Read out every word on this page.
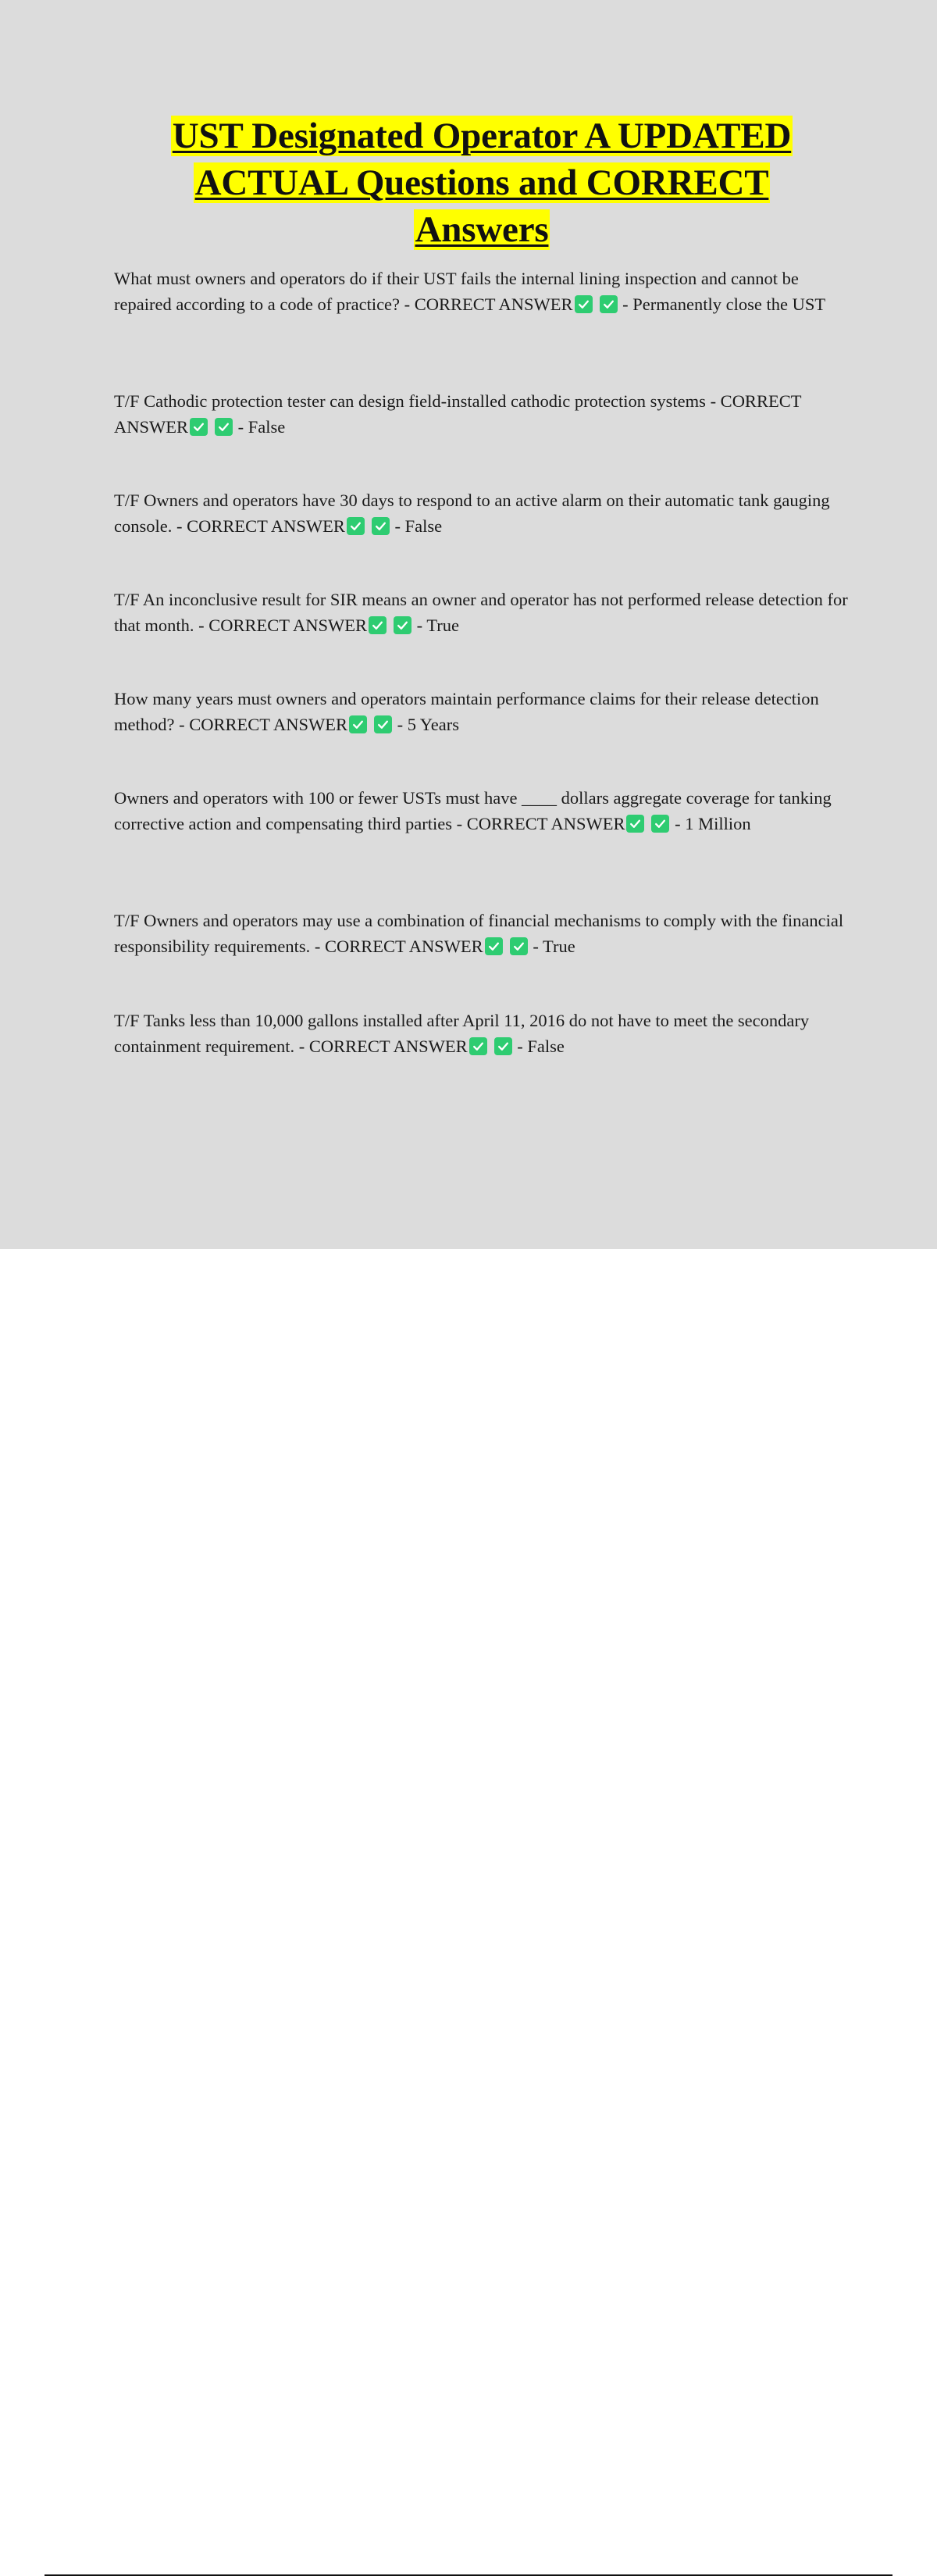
UST Designated Operator A UPDATED
ACTUAL Questions and CORRECT
Answers
What must owners and operators do if their UST fails the internal lining inspection and cannot be repaired according to a code of practice? - CORRECT ANSWER	- Permanently close the UST
T/F Cathodic protection tester can design field-installed cathodic protection systems - CORRECT ANSWER	- False
T/F Owners and operators have 30 days to respond to an active alarm on their automatic tank gauging console. - CORRECT ANSWER	- False
T/F An inconclusive result for SIR means an owner and operator has not performed release detection for that month. - CORRECT ANSWER	- True
How many years must owners and operators maintain performance claims for their release detection method? - CORRECT ANSWER	- 5 Years
Owners and operators with 100 or fewer USTs must have ____ dollars aggregate coverage for tanking corrective action and compensating third parties - CORRECT ANSWER	- 1 Million
T/F Owners and operators may use a combination of financial mechanisms to comply with the financial responsibility requirements. - CORRECT ANSWER	- True
T/F Tanks less than 10,000 gallons installed after April 11, 2016 do not have to meet the secondary containment requirement. - CORRECT ANSWER	- False
